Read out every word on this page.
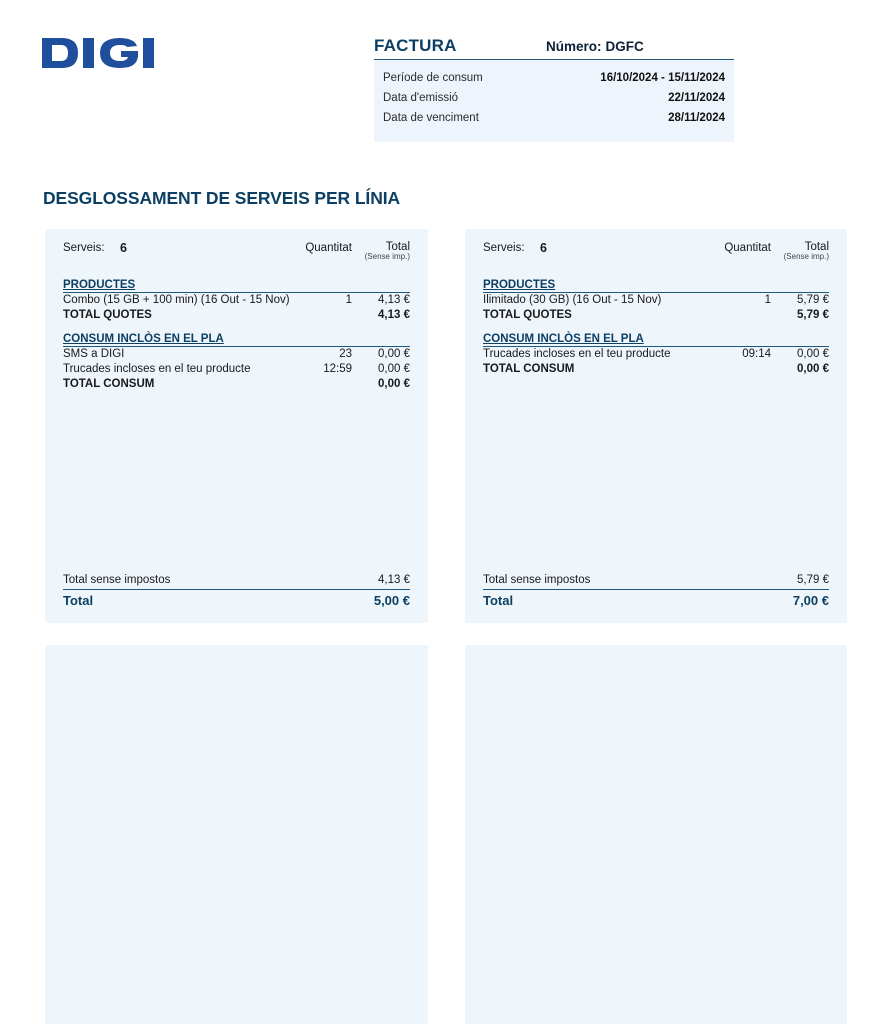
FACTURA	Número: DGFC
Període de consum	16/10/2024 - 15/11/2024
Data d'emissió	22/11/2024
Data de venciment	28/11/2024
DESGLOSSAMENT DE SERVEIS PER LÍNIA
Serveis: 6	Quantitat	Total
(Sense imp.)
PRODUCTES
Combo (15 GB + 100 min) (16 Out - 15 Nov)	1 4,13 €
TOTAL QUOTES	4,13 €
CONSUM INCLÒS EN EL PLA
SMS a DIGI	23 0,00 €
Trucades incloses en el teu producte	12:59 0,00 €
TOTAL CONSUM	0,00 €
Total sense impostos	4,13 €
Total	5,00 €
Serveis: 6	Quantitat	Total
(Sense imp.)
PRODUCTES
Ilimitado (30 GB) (16 Out - 15 Nov)	1 5,79 €
TOTAL QUOTES	5,79 €
CONSUM INCLÒS EN EL PLA
Trucades incloses en el teu producte	09:14 0,00 €
TOTAL CONSUM	0,00 €
Total sense impostos	5,79 €
Total	7,00 €
